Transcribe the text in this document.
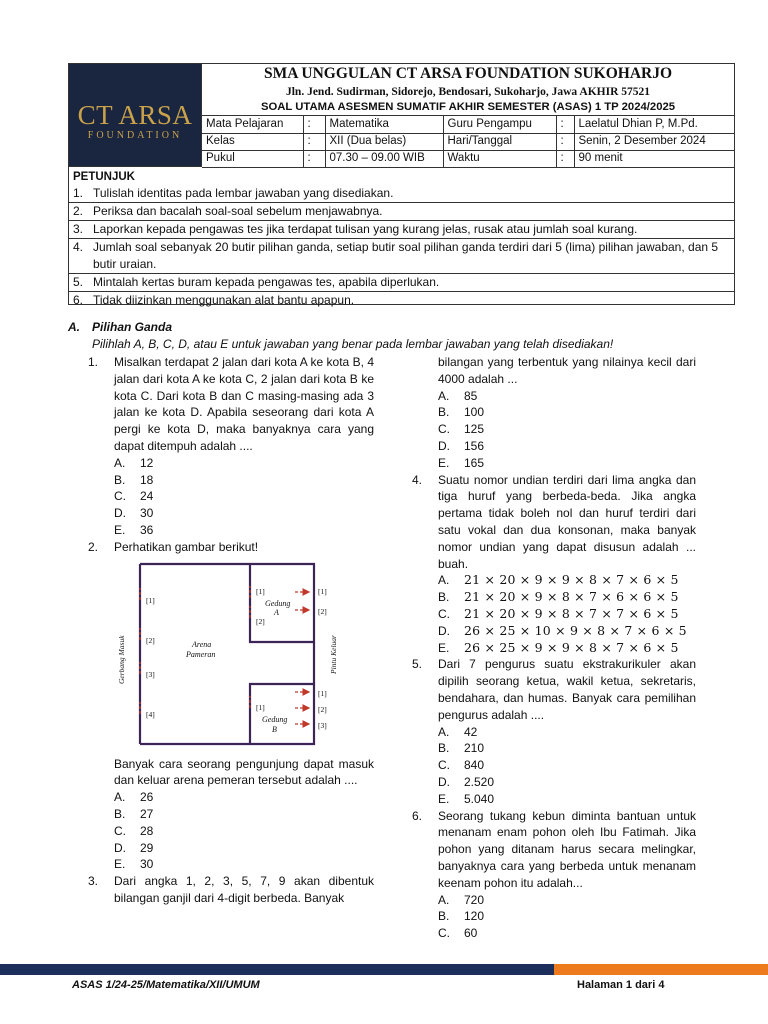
CT ARSA
FOUNDATION
SMA UNGGULAN CT ARSA FOUNDATION SUKOHARJO
Jln. Jend. Sudirman, Sidorejo, Bendosari, Sukoharjo, Jawa AKHIR 57521
SOAL UTAMA ASESMEN SUMATIF AKHIR SEMESTER (ASAS) 1 TP 2024/2025
Mata Pelajaran	:	Matematika	Guru Pengampu	:	Laelatul Dhian P, M.Pd.
Kelas	:	XII (Dua belas)	Hari/Tanggal	:	Senin, 2 Desember 2024
Pukul	:	07.30 – 09.00 WIB	Waktu	:	90 menit
PETUNJUK
1. Tulislah identitas pada lembar jawaban yang disediakan.
2. Periksa dan bacalah soal-soal sebelum menjawabnya.
3. Laporkan kepada pengawas tes jika terdapat tulisan yang kurang jelas, rusak atau jumlah soal kurang.
4. Jumlah soal sebanyak 20 butir pilihan ganda, setiap butir soal pilihan ganda terdiri dari 5 (lima) pilihan jawaban, dan 5 butir uraian.
5. Mintalah kertas buram kepada pengawas tes, apabila diperlukan.
6. Tidak diizinkan menggunakan alat bantu apapun.
A. Pilihan Ganda
Pilihlah A, B, C, D, atau E untuk jawaban yang benar pada lembar jawaban yang telah disediakan!
1. Misalkan terdapat 2 jalan dari kota A ke kota B, 4 jalan dari kota A ke kota C, 2 jalan dari kota B ke kota C. Dari kota B dan C masing-masing ada 3 jalan ke kota D. Apabila seseorang dari kota A pergi ke kota D, maka banyaknya cara yang dapat ditempuh adalah ....
A. 12
B. 18
C. 24
D. 30
E. 36
2. Perhatikan gambar berikut!
[1]
[2]
[3]
[4]
Gerbang Masuk	Arena
Pameran
[1]
[2]
[1]
[2]
Gedung
A
[1]
[1]
[2]
[3]
Gedung
B
Pintu Keluar
Banyak cara seorang pengunjung dapat masuk dan keluar arena pemeran tersebut adalah ....
A. 26
B. 27
C. 28
D. 29
E. 30
3. Dari angka 1, 2, 3, 5, 7, 9 akan dibentuk bilangan ganjil dari 4-digit berbeda. Banyak
bilangan yang terbentuk yang nilainya kecil dari 4000 adalah ...
A. 85
B. 100
C. 125
D. 156
E. 165
4. Suatu nomor undian terdiri dari lima angka dan tiga huruf yang berbeda-beda. Jika angka pertama tidak boleh nol dan huruf terdiri dari satu vokal dan dua konsonan, maka banyak nomor undian yang dapat disusun adalah ... buah.
A. 21 × 20 × 9 × 9 × 8 × 7 × 6 × 5
B. 21 × 20 × 9 × 8 × 7 × 6 × 6 × 5
C. 21 × 20 × 9 × 8 × 7 × 7 × 6 × 5
D. 26 × 25 × 10 × 9 × 8 × 7 × 6 × 5
E. 26 × 25 × 9 × 9 × 8 × 7 × 6 × 5
5. Dari 7 pengurus suatu ekstrakurikuler akan dipilih seorang ketua, wakil ketua, sekretaris, bendahara, dan humas. Banyak cara pemilihan pengurus adalah ....
A. 42
B. 210
C. 840
D. 2.520
E. 5.040
6. Seorang tukang kebun diminta bantuan untuk menanam enam pohon oleh Ibu Fatimah. Jika pohon yang ditanam harus secara melingkar, banyaknya cara yang berbeda untuk menanam keenam pohon itu adalah...
A. 720
B. 120
C. 60
ASAS 1/24-25/Matematika/XII/UMUM	Halaman 1 dari 4
